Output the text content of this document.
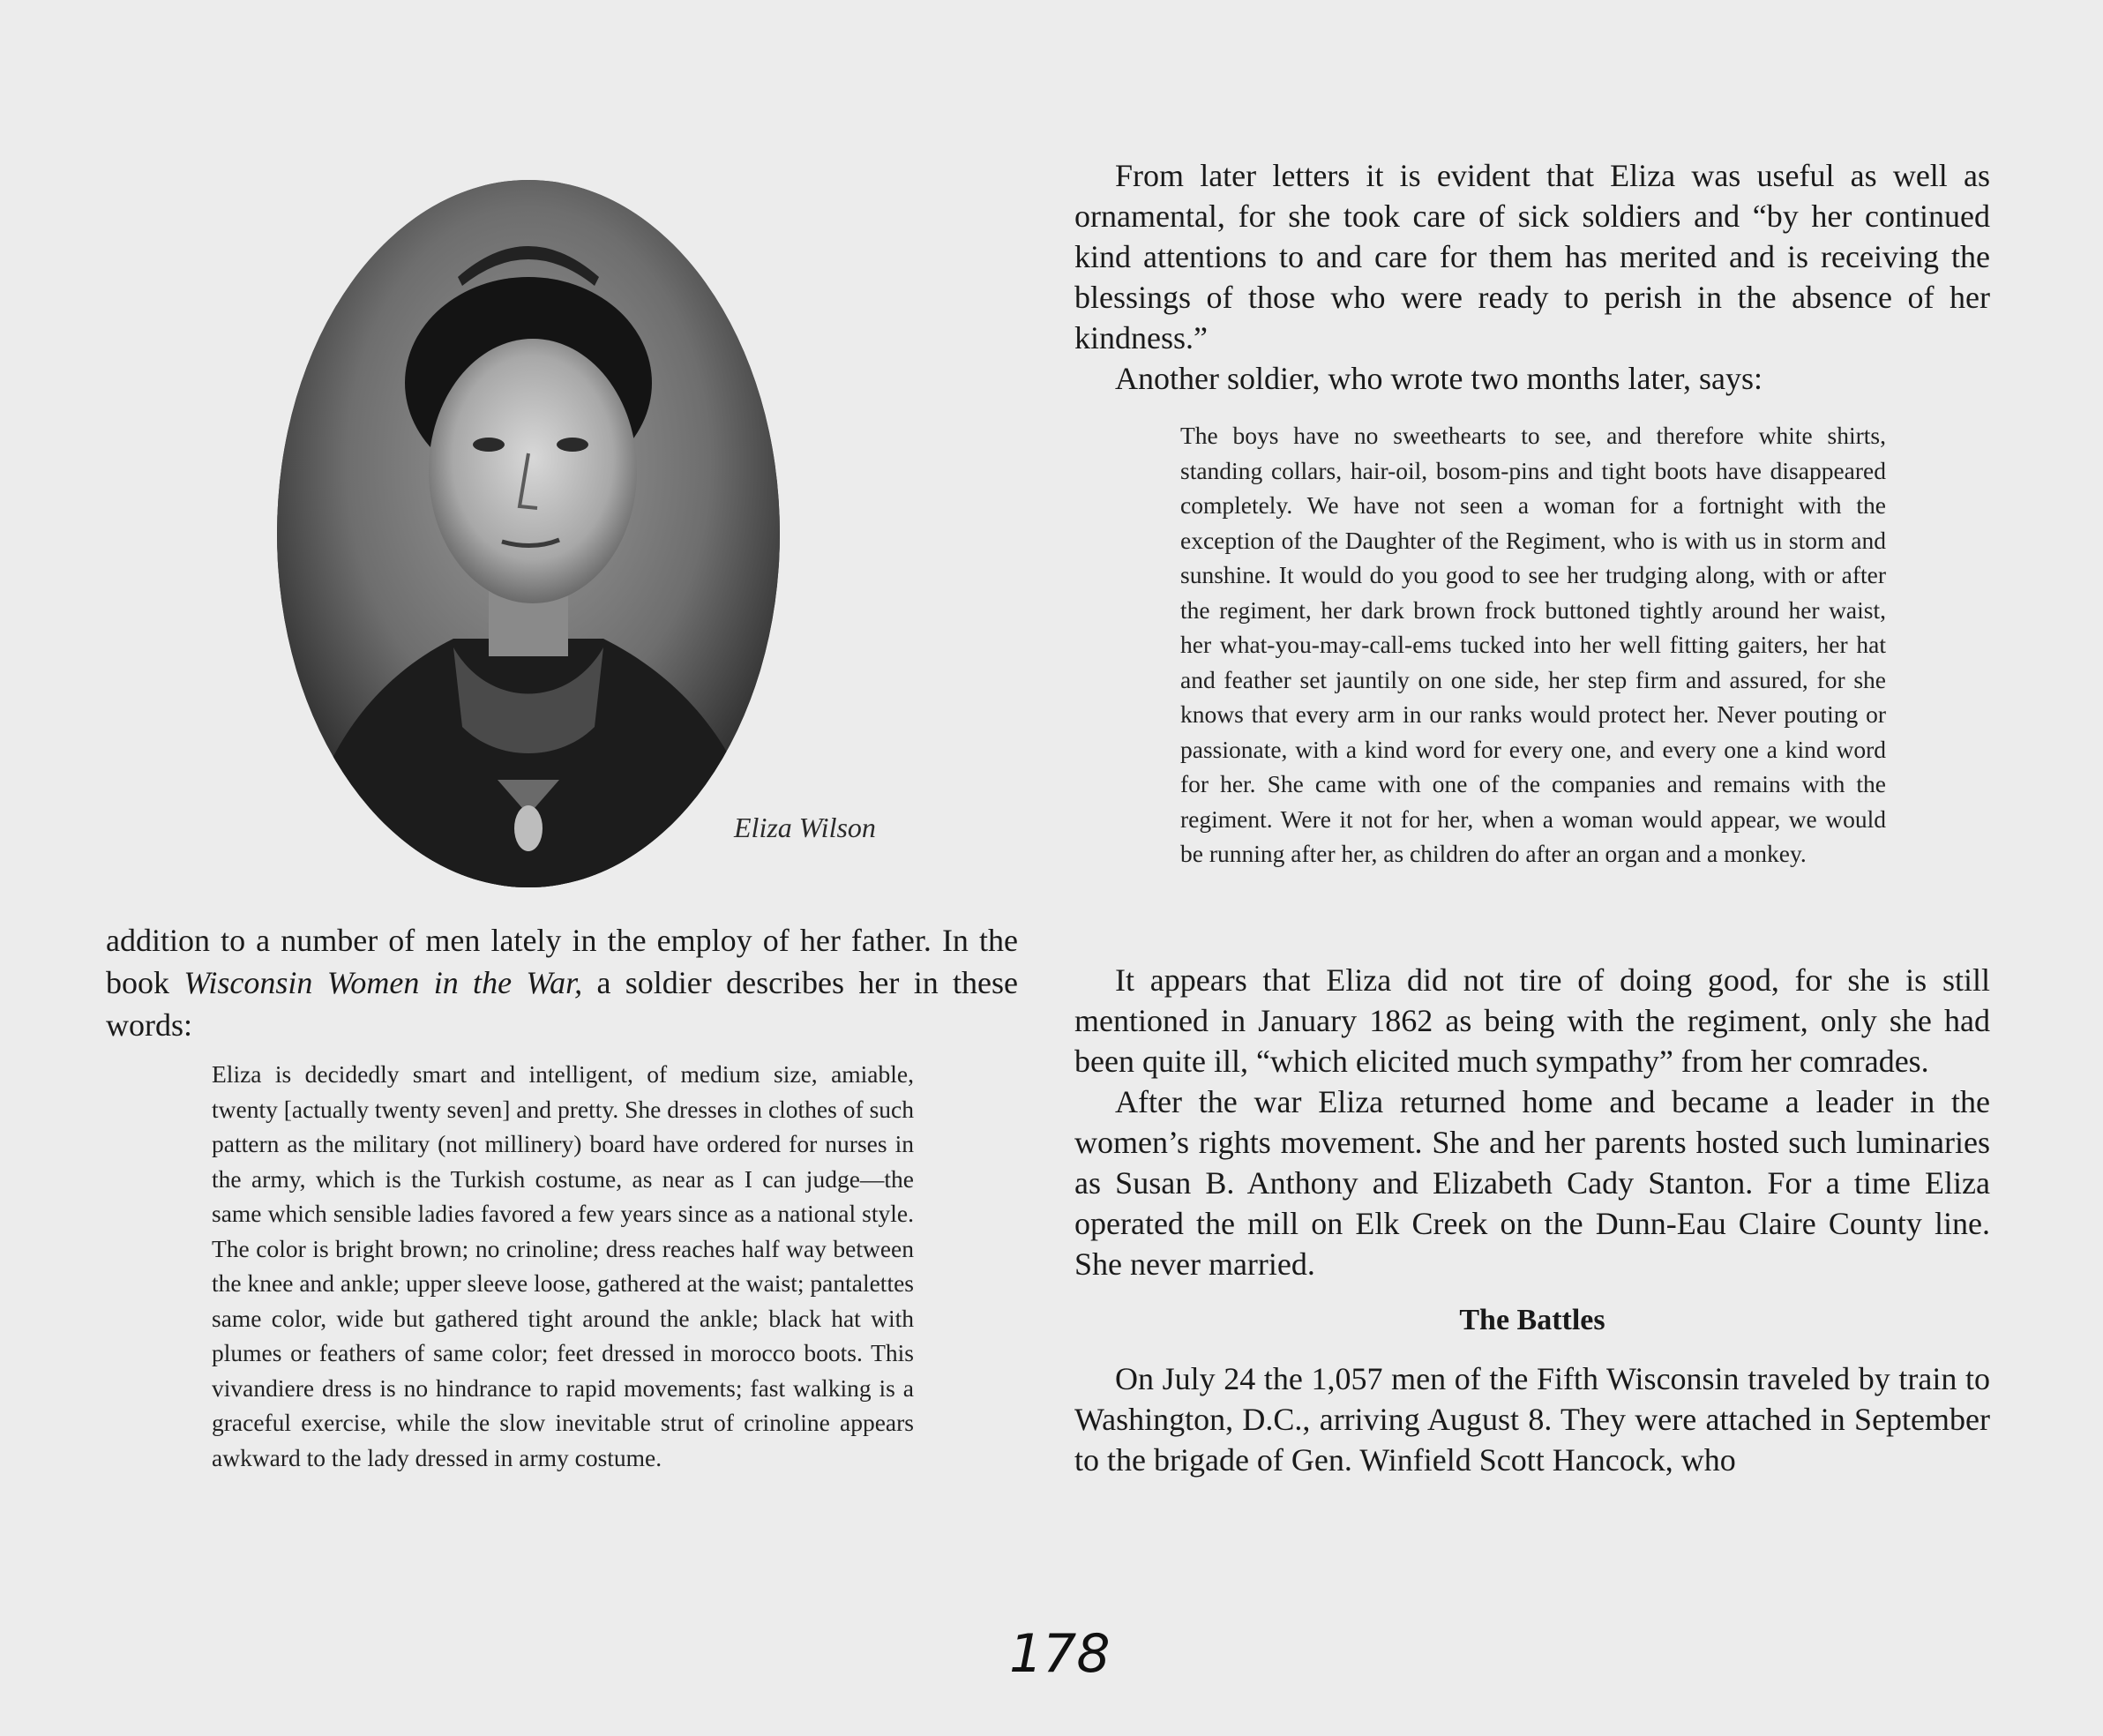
Eliza Wilson
addition to a number of men lately in the employ of her father. In the book Wisconsin Women in the War, a soldier describes her in these words:
Eliza is decidedly smart and intelligent, of medium size, amiable, twenty [actually twenty seven] and pretty. She dresses in clothes of such pattern as the military (not millinery) board have ordered for nurses in the army, which is the Turkish costume, as near as I can judge—the same which sensible ladies favored a few years since as a national style. The color is bright brown; no crinoline; dress reaches half way between the knee and ankle; upper sleeve loose, gathered at the waist; pantalettes same color, wide but gathered tight around the ankle; black hat with plumes or feathers of same color; feet dressed in morocco boots. This vivandiere dress is no hindrance to rapid movements; fast walking is a graceful exercise, while the slow inevitable strut of crinoline appears awkward to the lady dressed in army costume.

From later letters it is evident that Eliza was useful as well as ornamental, for she took care of sick soldiers and “by her continued kind attentions to and care for them has merited and is receiving the blessings of those who were ready to perish in the absence of her kindness.”

Another soldier, who wrote two months later, says:

The boys have no sweethearts to see, and therefore white shirts, standing collars, hair-oil, bosom-pins and tight boots have disappeared completely. We have not seen a woman for a fortnight with the exception of the Daughter of the Regiment, who is with us in storm and sunshine. It would do you good to see her trudging along, with or after the regiment, her dark brown frock buttoned tightly around her waist, her what-you-may-call-ems tucked into her well fitting gaiters, her hat and feather set jauntily on one side, her step firm and assured, for she knows that every arm in our ranks would protect her. Never pouting or passionate, with a kind word for every one, and every one a kind word for her. She came with one of the companies and remains with the regiment. Were it not for her, when a woman would appear, we would be running after her, as children do after an organ and a monkey.

It appears that Eliza did not tire of doing good, for she is still mentioned in January 1862 as being with the regiment, only she had been quite ill, “which elicited much sympathy” from her comrades.

After the war Eliza returned home and became a leader in the women’s rights movement. She and her parents hosted such luminaries as Susan B. Anthony and Elizabeth Cady Stanton. For a time Eliza operated the mill on Elk Creek on the Dunn-Eau Claire County line. She never married.

The Battles

On July 24 the 1,057 men of the Fifth Wisconsin traveled by train to Washington, D.C., arriving August 8. They were attached in September to the brigade of Gen. Winfield Scott Hancock, who

178
